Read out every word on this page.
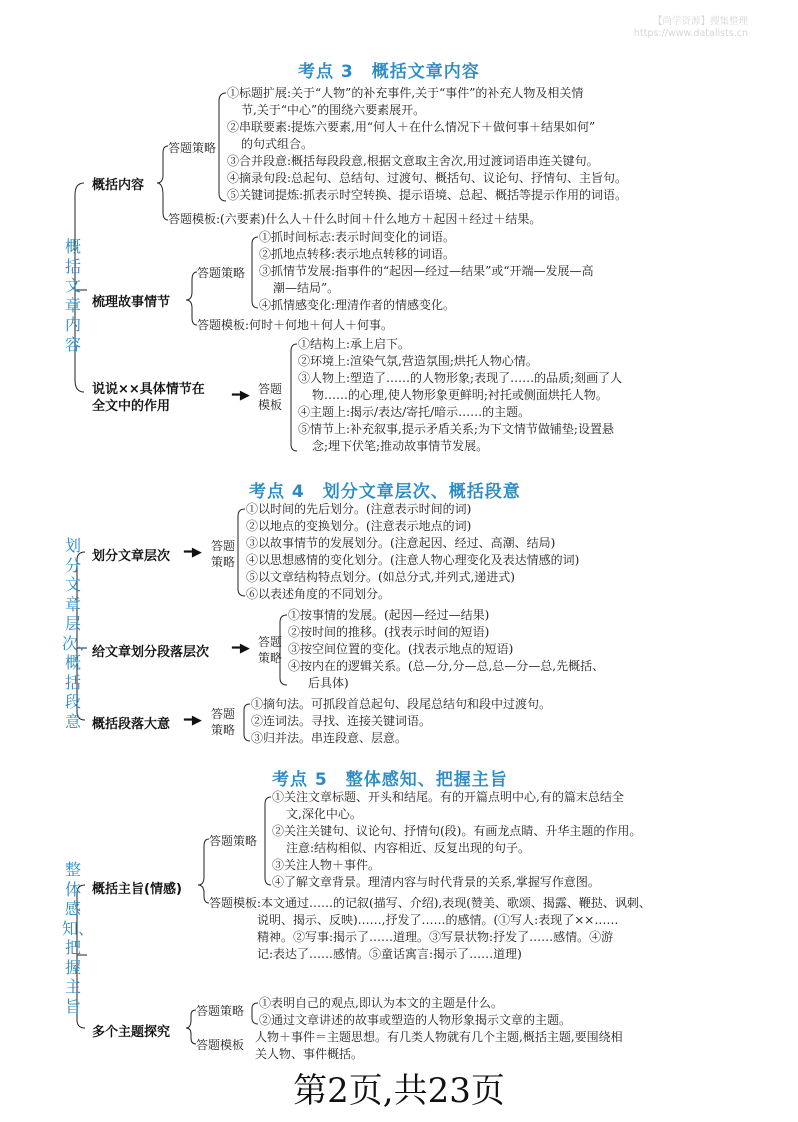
【尚学资源】搜集整理
https://www.datalists.cn
考点 3　概括文章内容
概括文章内容
概括内容
答题策略
①标题扩展:关于“人物”的补充事件,关于“事件”的补充人物及相关情
节,关于“中心”的围绕六要素展开。
②串联要素:提炼六要素,用“何人＋在什么情况下＋做何事＋结果如何”
的句式组合。
③合并段意:概括每段段意,根据文意取主舍次,用过渡词语串连关键句。
④摘录句段:总起句、总结句、过渡句、概括句、议论句、抒情句、主旨句。
⑤关键词提炼:抓表示时空转换、提示语境、总起、概括等提示作用的词语。
答题模板:(六要素)什么人＋什么时间＋什么地方＋起因＋经过＋结果。
梳理故事情节
答题策略
①抓时间标志:表示时间变化的词语。
②抓地点转移:表示地点转移的词语。
③抓情节发展:指事件的“起因—经过—结果”或“开端—发展—高
潮—结局”。
④抓情感变化:理清作者的情感变化。
答题模板:何时＋何地＋何人＋何事。
说说××具体情节在
全文中的作用
━▶ 答题
模板
①结构上:承上启下。
②环境上:渲染气氛,营造氛围;烘托人物心情。
③人物上:塑造了……的人物形象;表现了……的品质;刻画了人
物……的心理,使人物形象更鲜明;衬托或侧面烘托人物。
④主题上:揭示/表达/寄托/暗示……的主题。
⑤情节上:补充叙事,提示矛盾关系;为下文情节做铺垫;设置悬
念;埋下伏笔;推动故事情节发展。
考点 4　划分文章层次、概括段意
划分文章层次、概括段意
划分文章层次 ━▶ 答题
策略
①以时间的先后划分。(注意表示时间的词)
②以地点的变换划分。(注意表示地点的词)
③以故事情节的发展划分。(注意起因、经过、高潮、结局)
④以思想感情的变化划分。(注意人物心理变化及表达情感的词)
⑤以文章结构特点划分。(如总分式,并列式,递进式)
⑥以表述角度的不同划分。
给文章划分段落层次 ━▶ 答题
策略
①按事情的发展。(起因—经过—结果)
②按时间的推移。(找表示时间的短语)
③按空间位置的变化。(找表示地点的短语)
④按内在的逻辑关系。(总—分,分—总,总—分—总,先概括、
后具体)
概括段落大意 ━▶ 答题
策略
①摘句法。可抓段首总起句、段尾总结句和段中过渡句。
②连词法。寻找、连接关键词语。
③归并法。串连段意、层意。
考点 5　整体感知、把握主旨
整体感知、把握主旨
概括主旨(情感)
答题策略
①关注文章标题、开头和结尾。有的开篇点明中心,有的篇末总结全
文,深化中心。
②关注关键句、议论句、抒情句(段)。有画龙点睛、升华主题的作用。
注意:结构相似、内容相近、反复出现的句子。
③关注人物＋事件。
④了解文章背景。理清内容与时代背景的关系,掌握写作意图。
答题模板:本文通过……的记叙(描写、介绍),表现(赞美、歌颂、揭露、鞭挞、讽刺、
说明、揭示、反映)……,抒发了……的感情。(①写人:表现了××……
精神。②写事:揭示了……道理。③写景状物:抒发了……感情。④游
记:表达了……感情。⑤童话寓言:揭示了……道理)
多个主题探究
答题策略
①表明自己的观点,即认为本文的主题是什么。
②通过文章讲述的故事或塑造的人物形象揭示文章的主题。
答题模板
人物＋事件＝主题思想。有几类人物就有几个主题,概括主题,要围绕相
关人物、事件概括。
第2页,共23页
